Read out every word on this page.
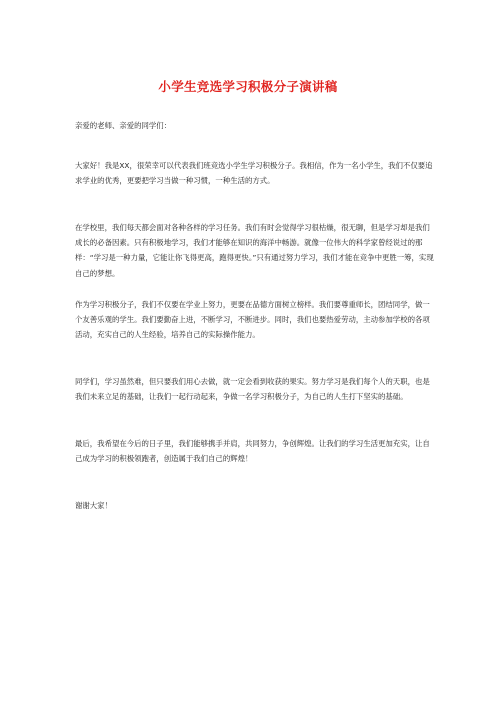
小学生竞选学习积极分子演讲稿

亲爱的老师、亲爱的同学们：

大家好！我是XX，很荣幸可以代表我们班竞选小学生学习积极分子。我相信，作为一名小学生，我们不仅要追求学业的优秀，更要把学习当做一种习惯，一种生活的方式。

在学校里，我们每天都会面对各种各样的学习任务。我们有时会觉得学习很枯燥，很无聊，但是学习却是我们成长的必备因素。只有积极地学习，我们才能够在知识的海洋中畅游。就像一位伟大的科学家曾经说过的那样：“学习是一种力量，它能让你飞得更高，跑得更快。”只有通过努力学习，我们才能在竞争中更胜一筹，实现自己的梦想。

作为学习积极分子，我们不仅要在学业上努力，更要在品德方面树立榜样。我们要尊重师长，团结同学，做一个友善乐观的学生。我们要勤奋上进，不断学习，不断进步。同时，我们也要热爱劳动，主动参加学校的各项活动，充实自己的人生经验，培养自己的实际操作能力。

同学们，学习虽然难，但只要我们用心去做，就一定会看到收获的果实。努力学习是我们每个人的天职，也是我们未来立足的基础，让我们一起行动起来，争做一名学习积极分子，为自己的人生打下坚实的基础。

最后，我希望在今后的日子里，我们能够携手并肩，共同努力，争创辉煌。让我们的学习生活更加充实，让自己成为学习的积极领跑者，创造属于我们自己的辉煌！

谢谢大家！
